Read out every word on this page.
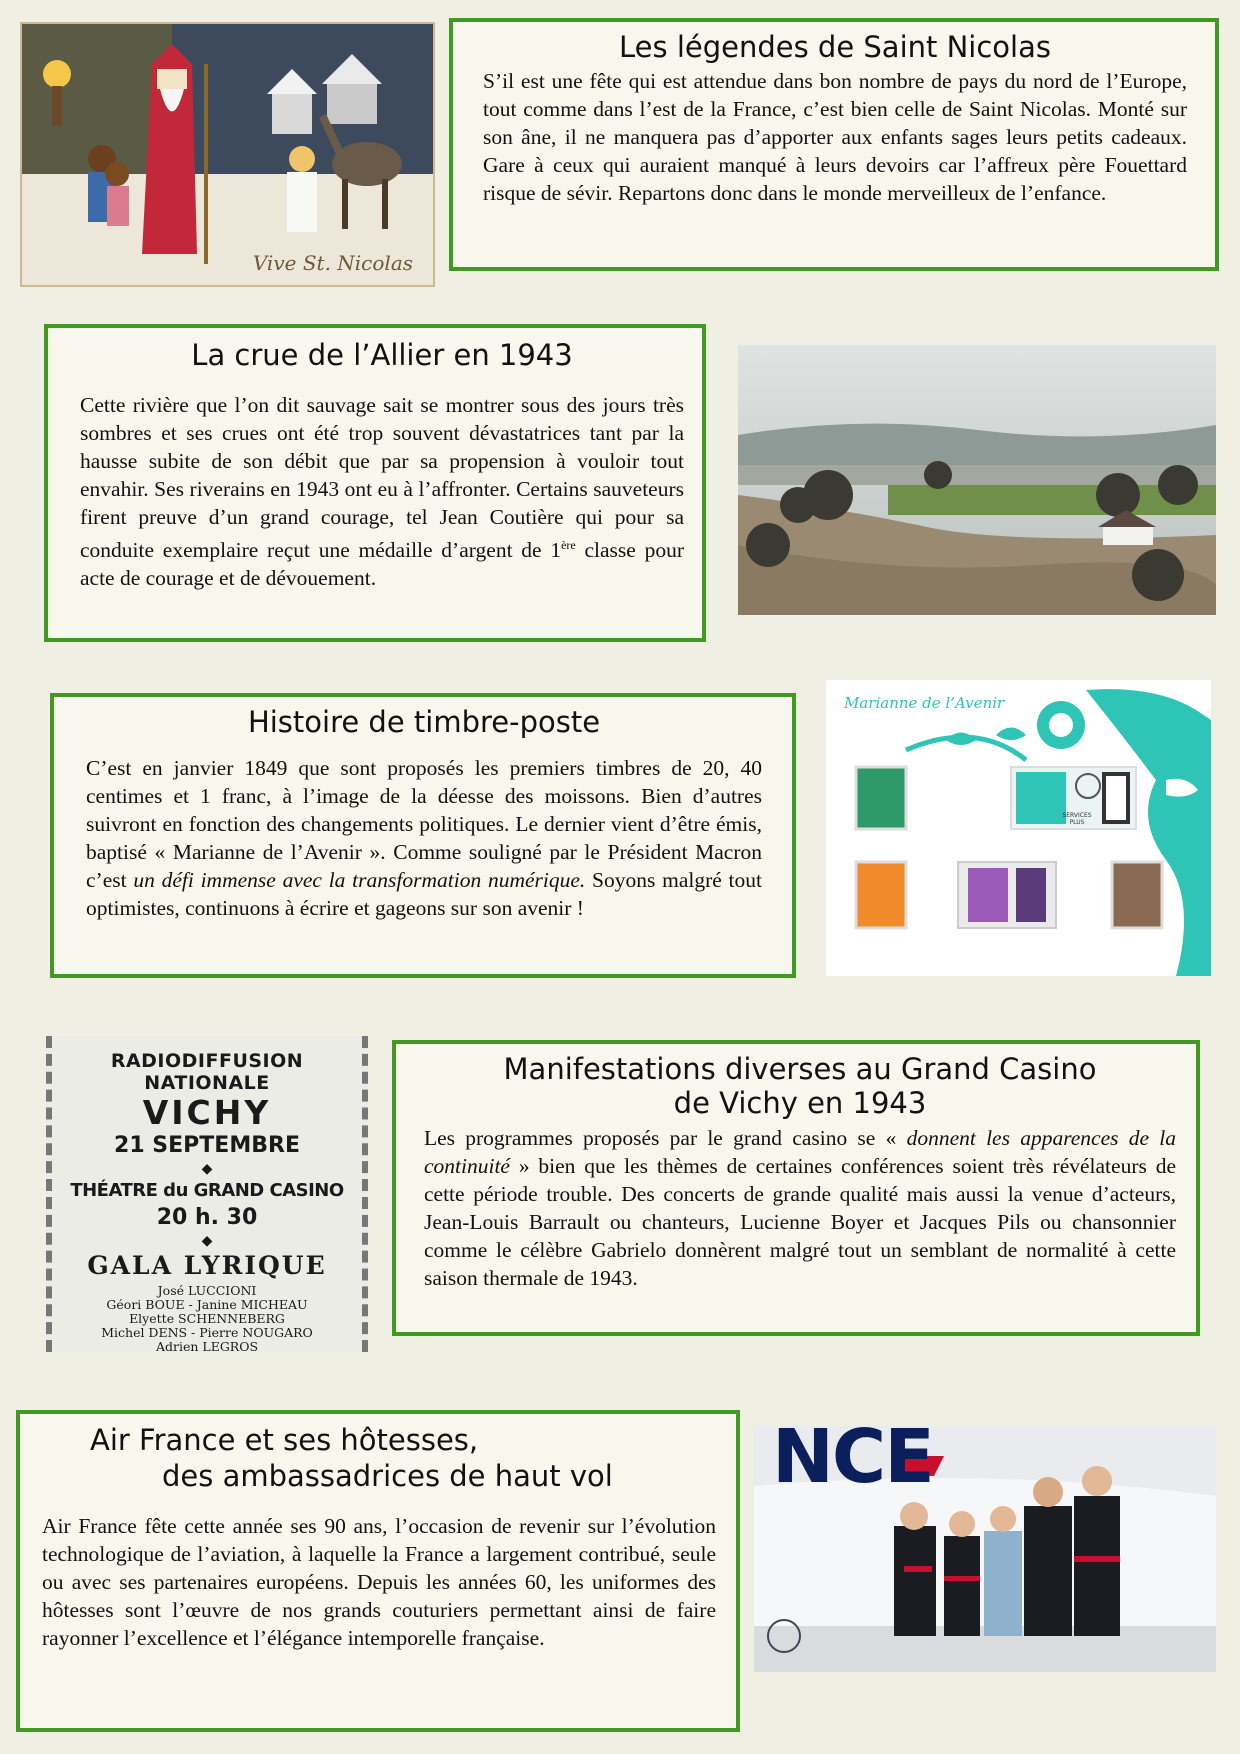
Vive St. Nicolas
Les légendes de Saint Nicolas

S’il est une fête qui est attendue dans bon nombre de pays du nord de l’Europe, tout comme dans l’est de la France, c’est bien celle de Saint Nicolas. Monté sur son âne, il ne manquera pas d’apporter aux enfants sages leurs petits cadeaux. Gare à ceux qui auraient manqué à leurs devoirs car l’affreux père Fouettard risque de sévir. Repartons donc dans le monde merveilleux de l’enfance.

La crue de l’Allier en 1943

Cette rivière que l’on dit sauvage sait se montrer sous des jours très sombres et ses crues ont été trop souvent dévastatrices tant par la hausse subite de son débit que par sa propension à vouloir tout envahir. Ses riverains en 1943 ont eu à l’affronter. Certains sauveteurs firent preuve d’un grand courage, tel Jean Coutière qui pour sa conduite exemplaire reçut une médaille d’argent de 1ère classe pour acte de courage et de dévouement.

Histoire de timbre-poste

C’est en janvier 1849 que sont proposés les premiers timbres de 20, 40 centimes et 1 franc, à l’image de la déesse des moissons. Bien d’autres suivront en fonction des changements politiques. Le dernier vient d’être émis, baptisé « Marianne de l’Avenir ». Comme souligné par le Président Macron c’est un défi immense avec la transformation numérique. Soyons malgré tout optimistes, continuons à écrire et gageons sur son avenir !

Marianne de l’Avenir
SERVICES PLUS
RADIODIFFUSION NATIONALE
VICHY
21 SEPTEMBRE
◆
THÉATRE du GRAND CASINO
20 h. 30
◆
GALA LYRIQUE
José LUCCIONI
Géori BOUE - Janine MICHEAU
Elyette SCHENNEBERG
Michel DENS - Pierre NOUGARO
Adrien LEGROS
Manifestations diverses au Grand Casino
de Vichy en 1943

Les programmes proposés par le grand casino se « donnent les apparences de la continuité » bien que les thèmes de certaines conférences soient très révélateurs de cette période trouble. Des concerts de grande qualité mais aussi la venue d’acteurs, Jean-Louis Barrault ou chanteurs, Lucienne Boyer et Jacques Pils ou chansonnier comme le célèbre Gabrielo donnèrent malgré tout un semblant de normalité à cette saison thermale de 1943.

Air France et ses hôtesses,
des ambassadrices de haut vol

Air France fête cette année ses 90 ans, l’occasion de revenir sur l’évolution technologique de l’aviation, à laquelle la France a largement contribué, seule ou avec ses partenaires européens. Depuis les années 60, les uniformes des hôtesses sont l’œuvre de nos grands couturiers permettant ainsi de faire rayonner l’excellence et l’élégance intemporelle française.

NCE
